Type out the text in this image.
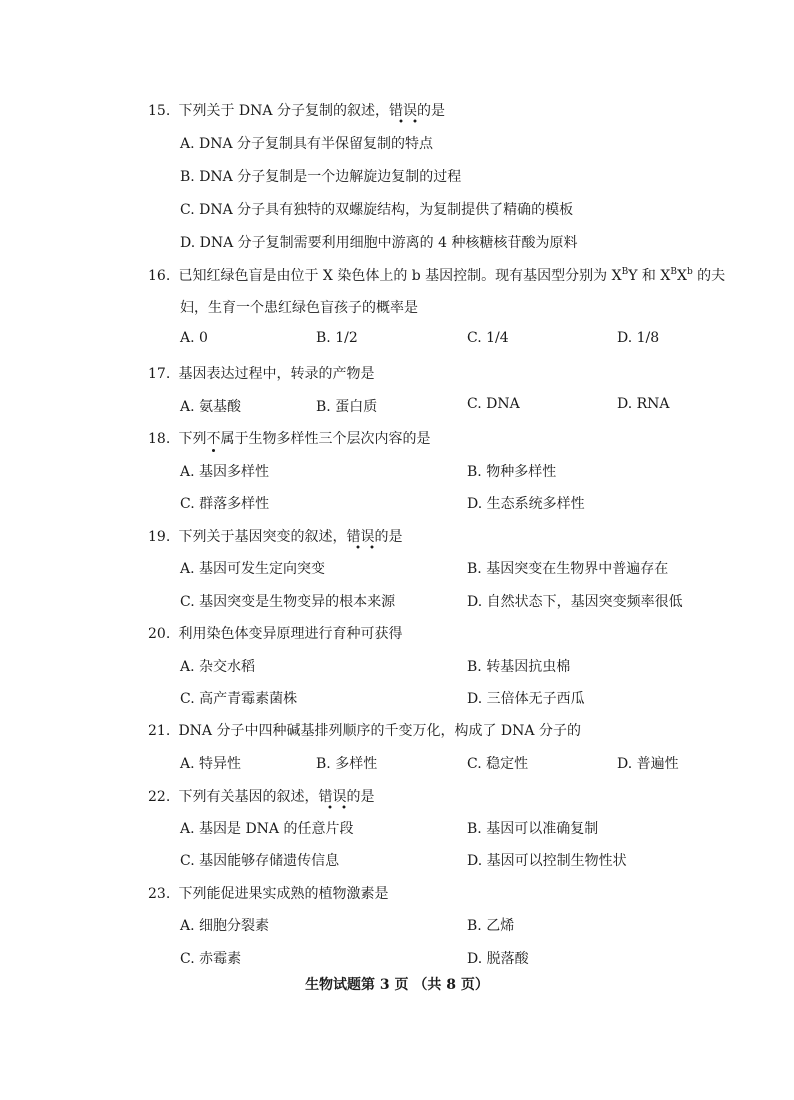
15. 下列关于 DNA 分子复制的叙述，错误的是
A. DNA 分子复制具有半保留复制的特点
B. DNA 分子复制是一个边解旋边复制的过程
C. DNA 分子具有独特的双螺旋结构，为复制提供了精确的模板
D. DNA 分子复制需要利用细胞中游离的 4 种核糖核苷酸为原料
16. 已知红绿色盲是由位于 X 染色体上的 b 基因控制。现有基因型分别为 $X^BY$ 和 $X^BX^b$ 的夫
妇，生育一个患红绿色盲孩子的概率是
A. 0	B. 1/2	C. 1/4	D. 1/8
17. 基因表达过程中，转录的产物是
A. 氨基酸	B. 蛋白质	C. DNA	D. RNA
18. 下列不属于生物多样性三个层次内容的是
A. 基因多样性	B. 物种多样性
C. 群落多样性	D. 生态系统多样性
19. 下列关于基因突变的叙述，错误的是
A. 基因可发生定向突变	B. 基因突变在生物界中普遍存在
C. 基因突变是生物变异的根本来源	D. 自然状态下，基因突变频率很低
20. 利用染色体变异原理进行育种可获得
A. 杂交水稻	B. 转基因抗虫棉
C. 高产青霉素菌株	D. 三倍体无子西瓜
21. DNA 分子中四种碱基排列顺序的千变万化，构成了 DNA 分子的
A. 特异性	B. 多样性	C. 稳定性	D. 普遍性
22. 下列有关基因的叙述，错误的是
A. 基因是 DNA 的任意片段	B. 基因可以准确复制
C. 基因能够存储遗传信息	D. 基因可以控制生物性状
23. 下列能促进果实成熟的植物激素是
A. 细胞分裂素	B. 乙烯
C. 赤霉素	D. 脱落酸
生物试题第 3 页 （共 8 页）
